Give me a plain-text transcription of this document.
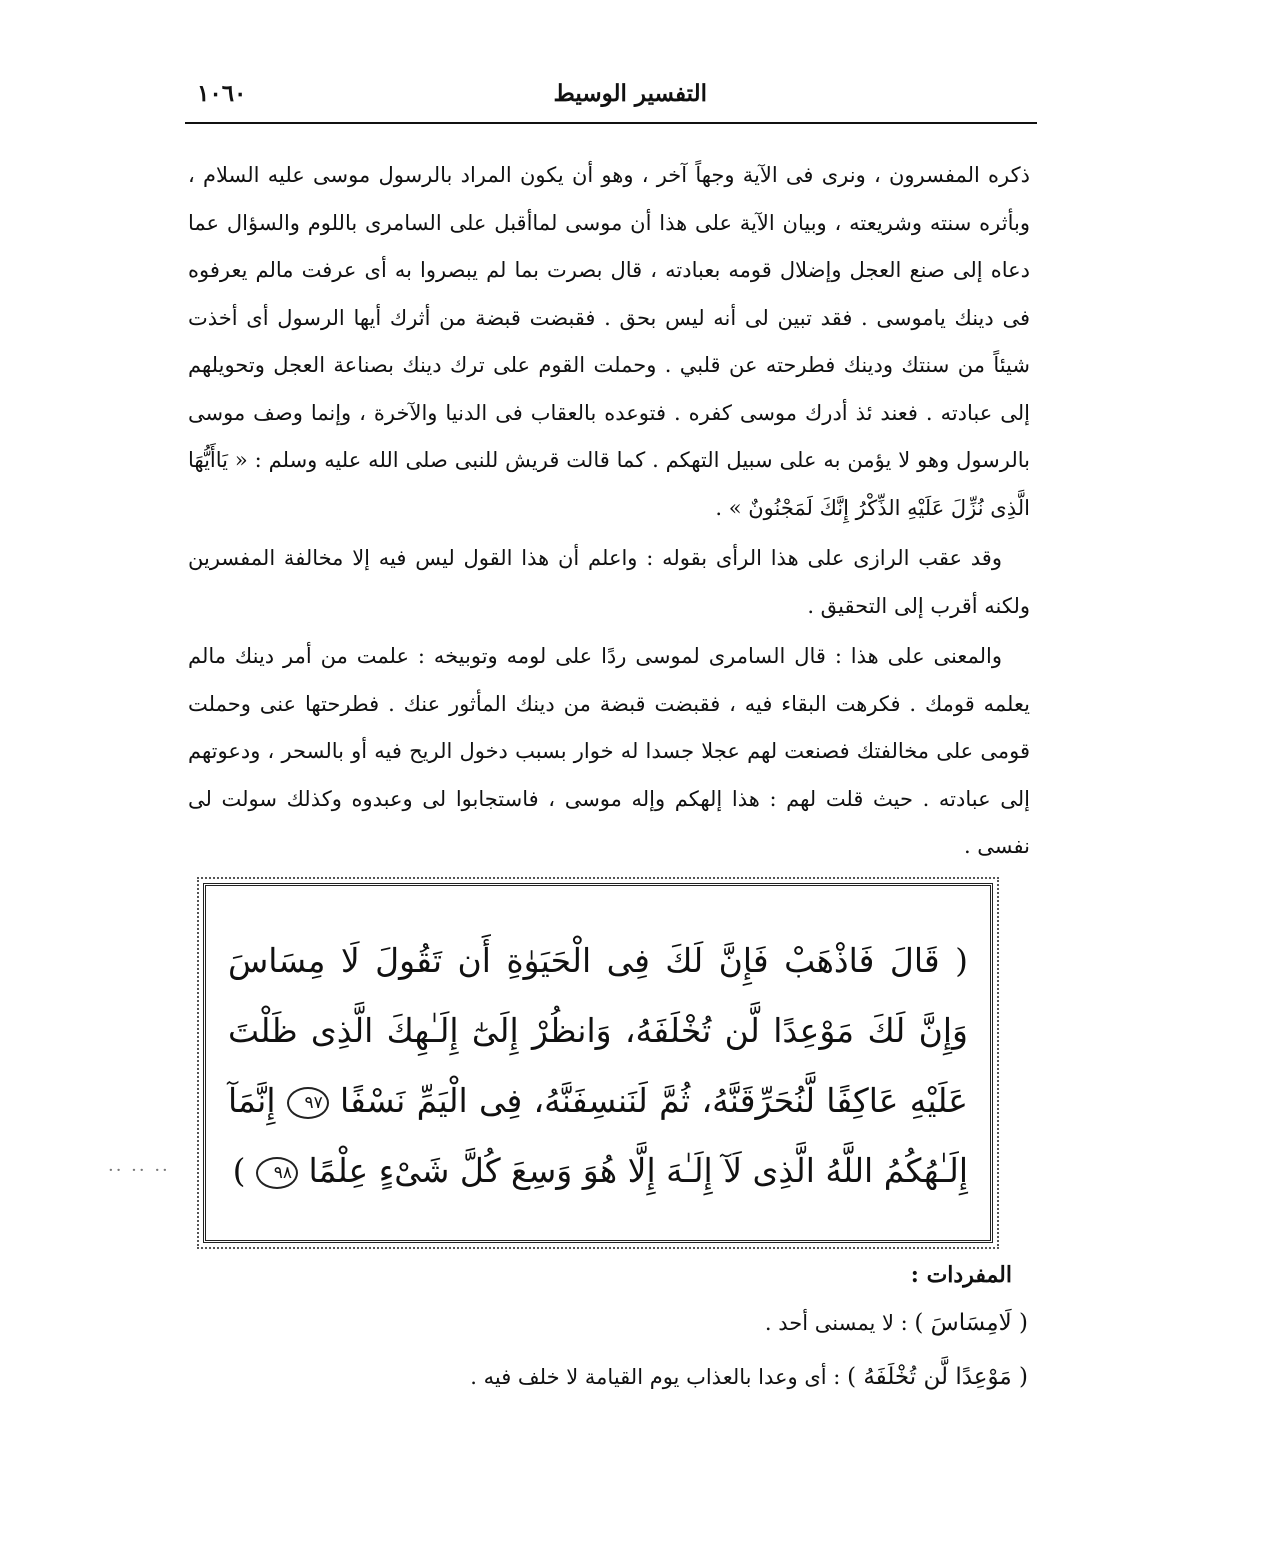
التفسير الوسيط
١٠٦٠

ذكره المفسرون ، ونرى فى الآية وجهاً آخر ، وهو أن يكون المراد بالرسول موسى عليه السلام ، وبأثره سنته وشريعته ، وبيان الآية على هذا أن موسى لماأقبل على السامرى باللوم والسؤال عما دعاه إلى صنع العجل وإضلال قومه بعبادته ، قال بصرت بما لم يبصروا به أى عرفت مالم يعرفوه فى دينك ياموسى . فقد تبين لى أنه ليس بحق . فقبضت قبضة من أثرك أيها الرسول أى أخذت شيئاً من سنتك ودينك فطرحته عن قلبي . وحملت القوم على ترك دينك بصناعة العجل وتحويلهم إلى عبادته . فعند ئذ أدرك موسى كفره . فتوعده بالعقاب فى الدنيا والآخرة ، وإنما وصف موسى بالرسول وهو لا يؤمن به على سبيل التهكم . كما قالت قريش للنبى صلى الله عليه وسلم : « يَاأَيُّهَا الَّذِى نُزِّلَ عَلَيْهِ الذِّكْرُ إِنَّكَ لَمَجْنُونٌ » .

وقد عقب الرازى على هذا الرأى بقوله : واعلم أن هذا القول ليس فيه إلا مخالفة المفسرين ولكنه أقرب إلى التحقيق .

والمعنى على هذا : قال السامرى لموسى ردًا على لومه وتوبيخه : علمت من أمر دينك مالم يعلمه قومك . فكرهت البقاء فيه ، فقبضت قبضة من دينك المأثور عنك . فطرحتها عنى وحملت قومى على مخالفتك فصنعت لهم عجلا جسدا له خوار بسبب دخول الريح فيه أو بالسحر ، ودعوتهم إلى عبادته . حيث قلت لهم : هذا إلهكم وإله موسى ، فاستجابوا لى وعبدوه وكذلك سولت لى نفسى .

( قَالَ فَاذْهَبْ فَإِنَّ لَكَ فِى الْحَيَوٰةِ أَن تَقُولَ لَا مِسَاسَ وَإِنَّ لَكَ مَوْعِدًا لَّن تُخْلَفَهُ، وَانظُرْ إِلَىٰٓ إِلَـٰهِكَ الَّذِى ظَلْتَ عَلَيْهِ عَاكِفًا لَّنُحَرِّقَنَّهُ، ثُمَّ لَنَنسِفَنَّهُ، فِى الْيَمِّ نَسْفًا ٩٧ إِنَّمَآ إِلَـٰهُكُمُ اللَّهُ الَّذِى لَآ إِلَـٰهَ إِلَّا هُوَ وَسِعَ كُلَّ شَىْءٍ عِلْمًا ٩٨ )
المفردات :

( لَامِسَاسَ ) : لا يمسنى أحد .

( مَوْعِدًا لَّن تُخْلَفَهُ ) : أى وعدا بالعذاب يوم القيامة لا خلف فيه .

·· ·· ··
